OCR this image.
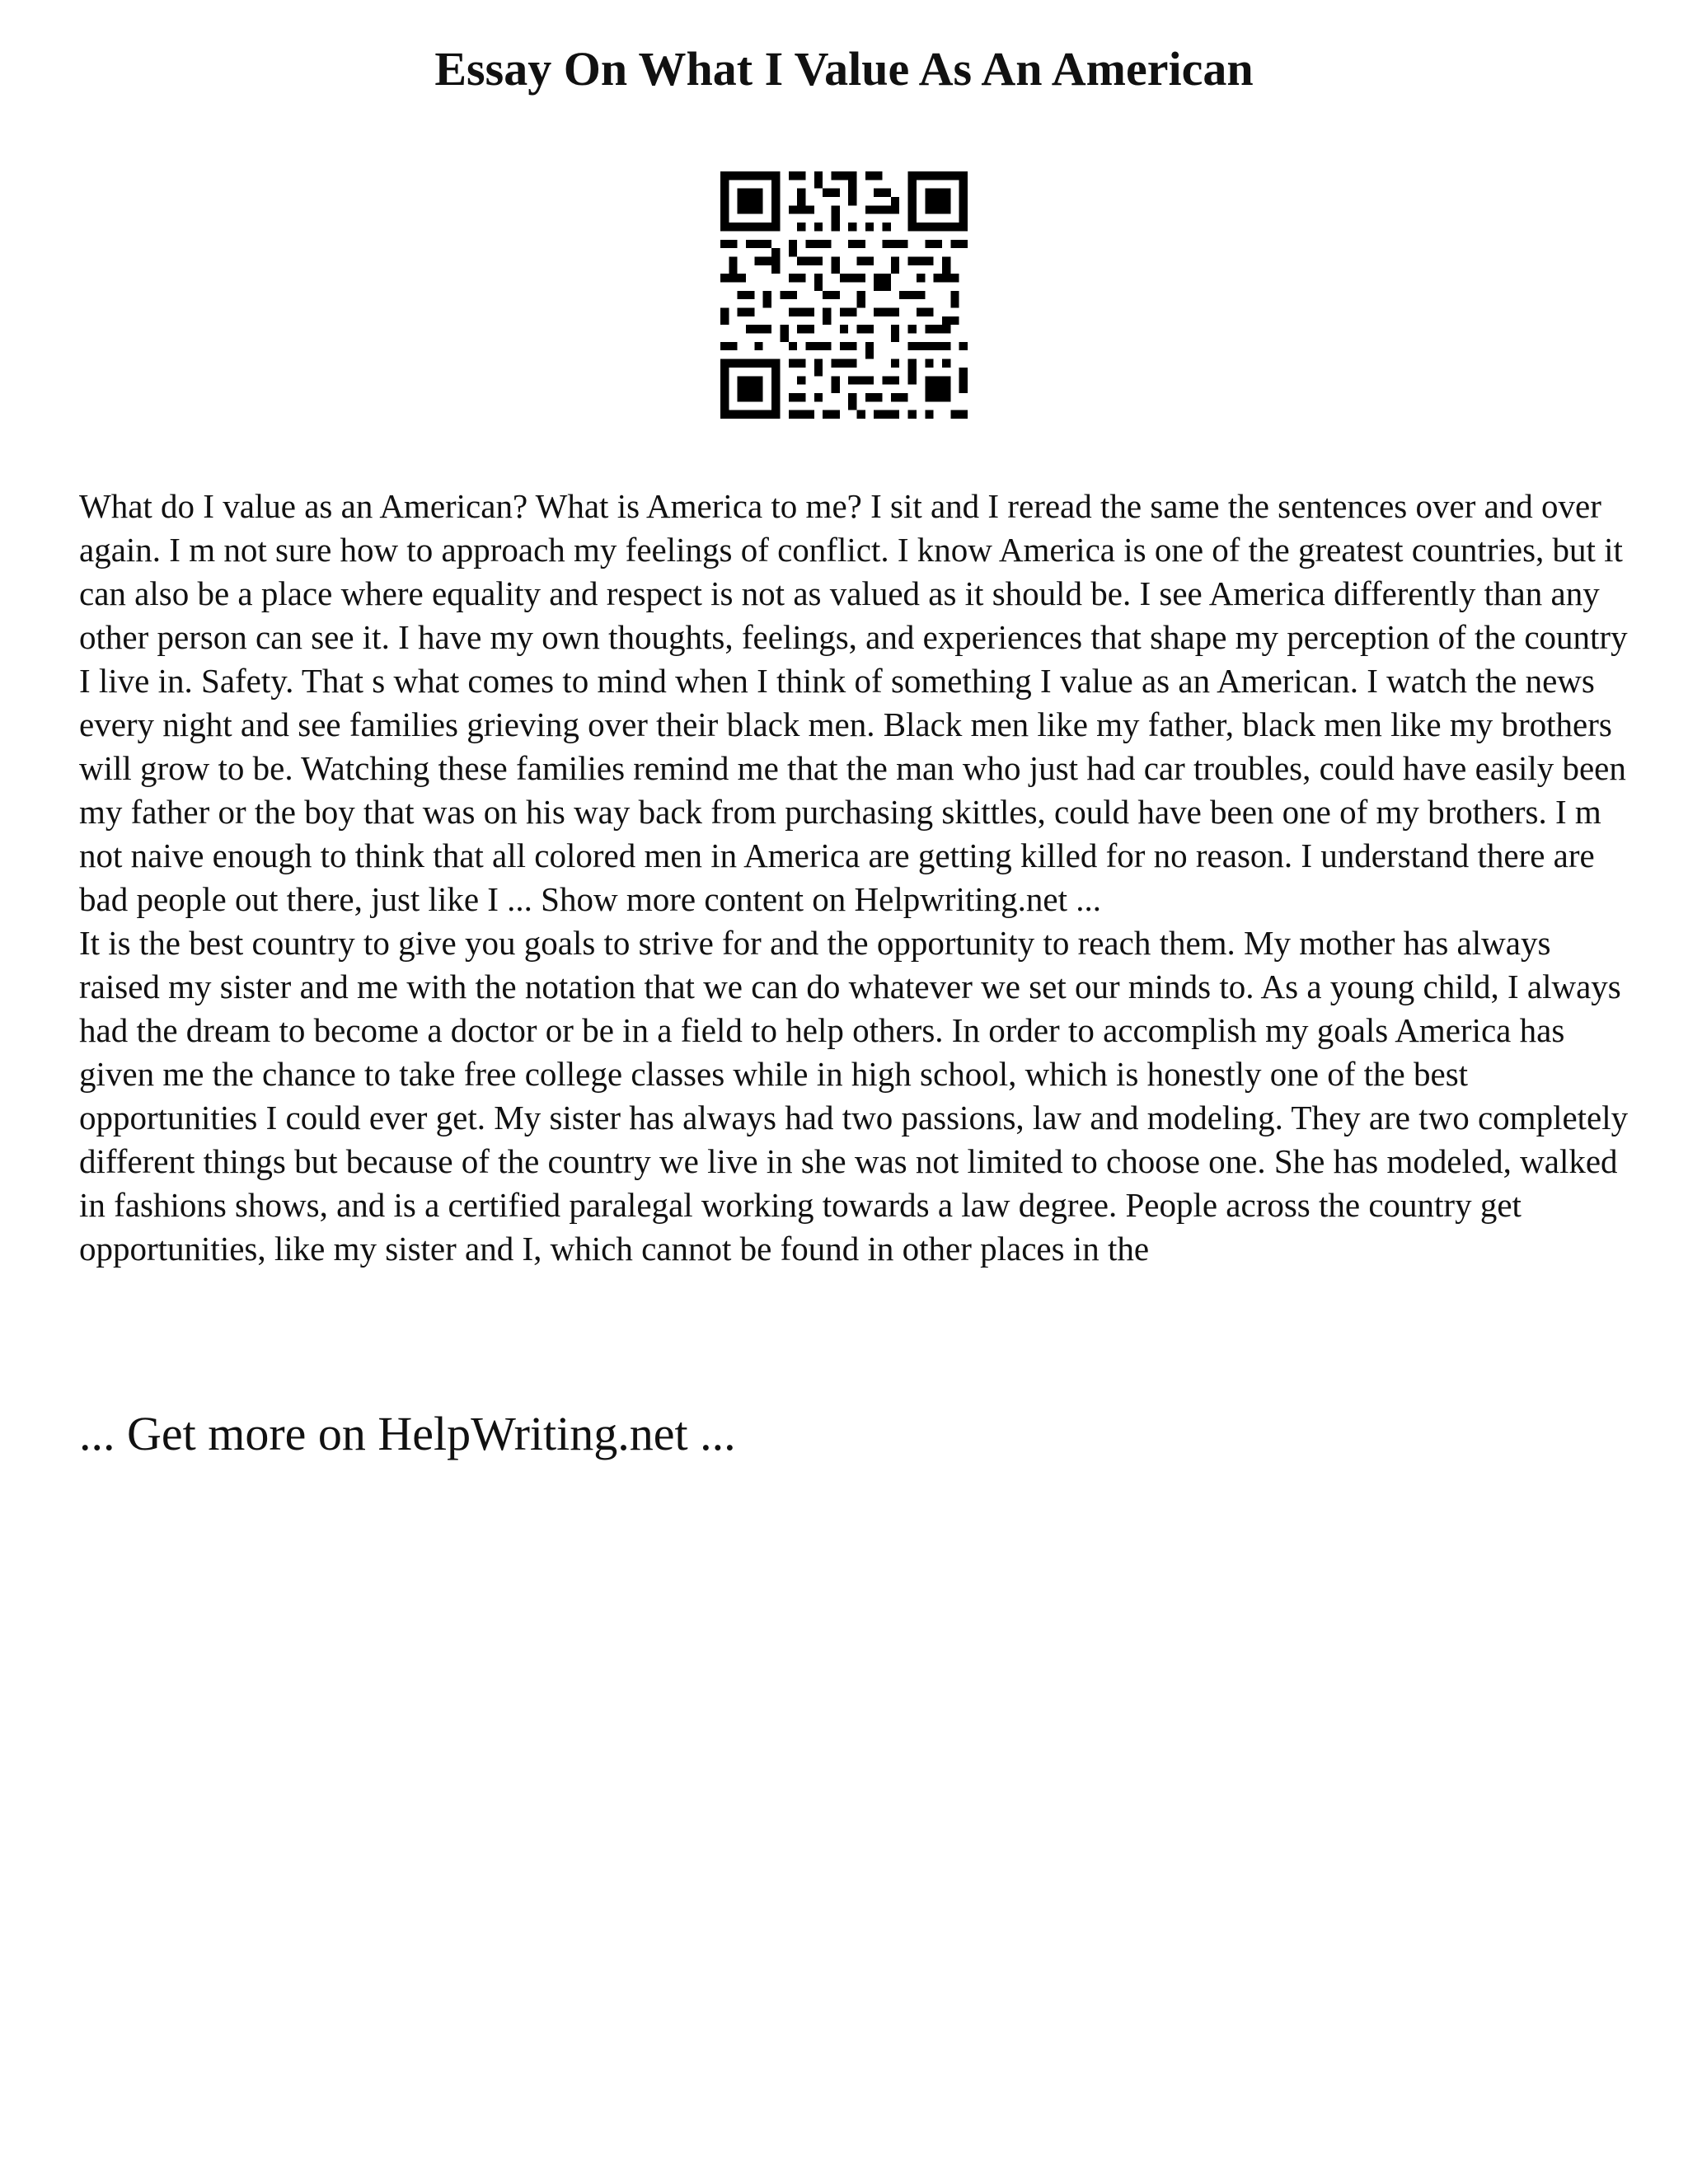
Essay On What I Value As An American

What do I value as an American? What is America to me? I sit and I reread the same the sentences over and over again. I m not sure how to approach my feelings of conflict. I know America is one of the greatest countries, but it can also be a place where equality and respect is not as valued as it should be. I see America differently than any other person can see it. I have my own thoughts, feelings, and experiences that shape my perception of the country I live in. Safety. That s what comes to mind when I think of something I value as an American. I watch the news every night and see families grieving over their black men. Black men like my father, black men like my brothers will grow to be. Watching these families remind me that the man who just had car troubles, could have easily been my father or the boy that was on his way back from purchasing skittles, could have been one of my brothers. I m not naive enough to think that all colored men in America are getting killed for no reason. I understand there are bad people out there, just like I ... Show more content on Helpwriting.net ...

It is the best country to give you goals to strive for and the opportunity to reach them. My mother has always raised my sister and me with the notation that we can do whatever we set our minds to. As a young child, I always had the dream to become a doctor or be in a field to help others. In order to accomplish my goals America has given me the chance to take free college classes while in high school, which is honestly one of the best opportunities I could ever get. My sister has always had two passions, law and modeling. They are two completely different things but because of the country we live in she was not limited to choose one. She has modeled, walked in fashions shows, and is a certified paralegal working towards a law degree. People across the country get opportunities, like my sister and I, which cannot be found in other places in the

... Get more on HelpWriting.net ...
